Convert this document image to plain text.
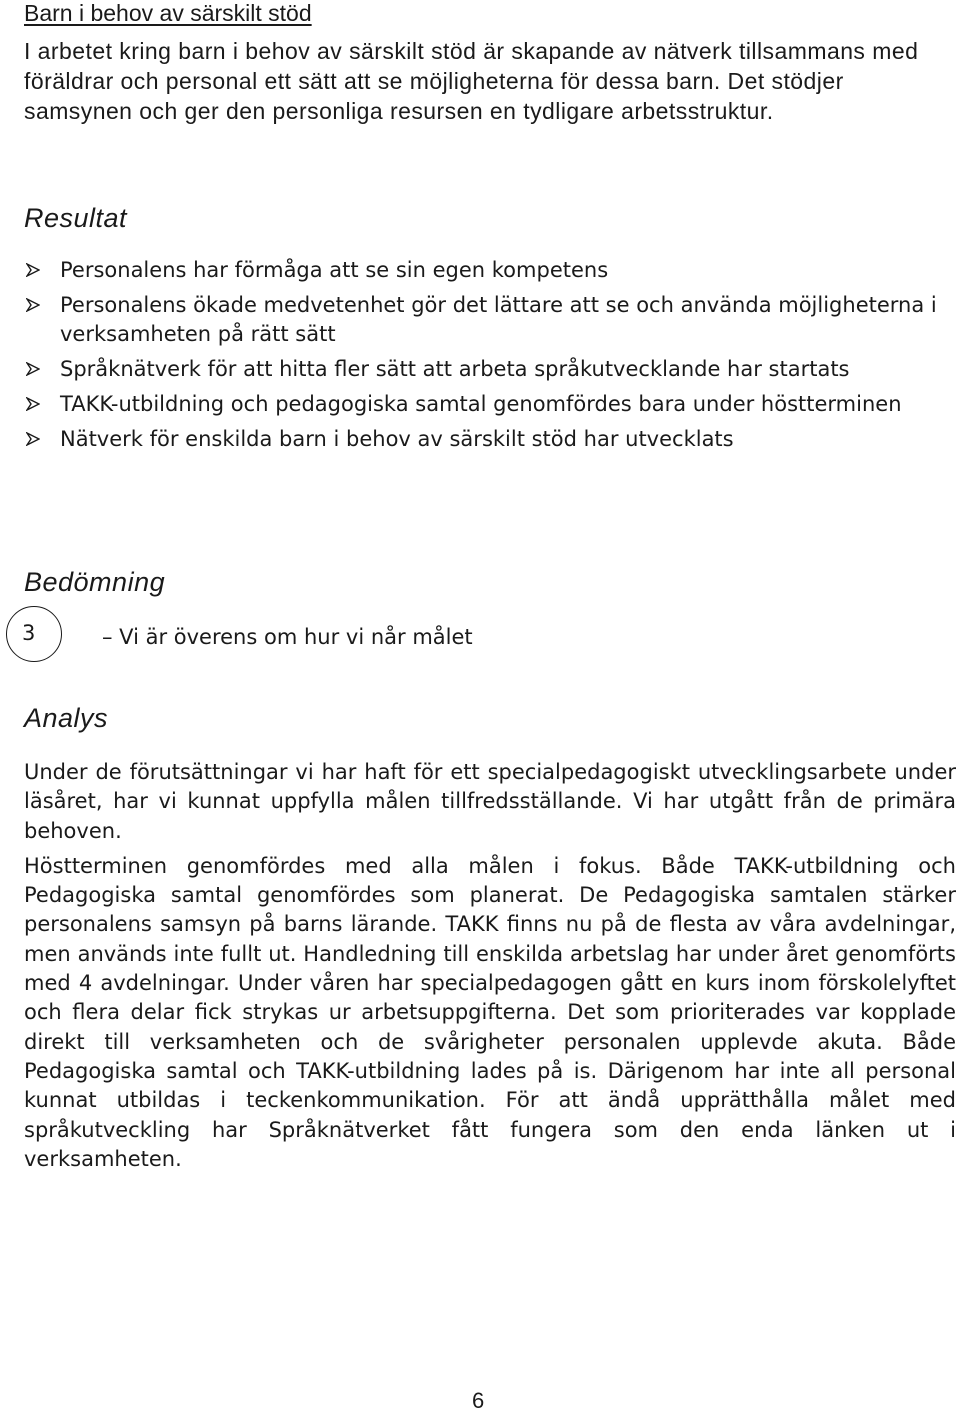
Barn i behov av särskilt stöd

I arbetet kring barn i behov av särskilt stöd är skapande av nätverk tillsammans med föräldrar och personal ett sätt att se möjligheterna för dessa barn. Det stödjer samsynen och ger den personliga resursen en tydligare arbetsstruktur.

Resultat
Personalens har förmåga att se sin egen kompetens
Personalens ökade medvetenhet gör det lättare att se och använda möjligheterna i verksamheten på rätt sätt
Språknätverk för att hitta fler sätt att arbeta språkutvecklande har startats
TAKK-utbildning och pedagogiska samtal genomfördes bara under höstterminen
Nätverk för enskilda barn i behov av särskilt stöd har utvecklats
Bedömning
3	– Vi är överens om hur vi når målet
Analys

Under de förutsättningar vi har haft för ett specialpedagogiskt utvecklingsarbete under läsåret, har vi kunnat uppfylla målen tillfredsställande. Vi har utgått från de primära behoven.

Höstterminen genomfördes med alla målen i fokus. Både TAKK-utbildning och Pedagogiska samtal genomfördes som planerat. De Pedagogiska samtalen stärker personalens samsyn på barns lärande. TAKK finns nu på de flesta av våra avdelningar, men används inte fullt ut. Handledning till enskilda arbetslag har under året genomförts med 4 avdelningar. Under våren har specialpedagogen gått en kurs inom förskolelyftet och flera delar fick strykas ur arbetsuppgifterna. Det som prioriterades var kopplade direkt till verksamheten och de svårigheter personalen upplevde akuta. Både Pedagogiska samtal och TAKK-utbildning lades på is. Därigenom har inte all personal kunnat utbildas i teckenkommunikation. För att ändå upprätthålla målet med språkutveckling har Språknätverket fått fungera som den enda länken ut i verksamheten.

6
